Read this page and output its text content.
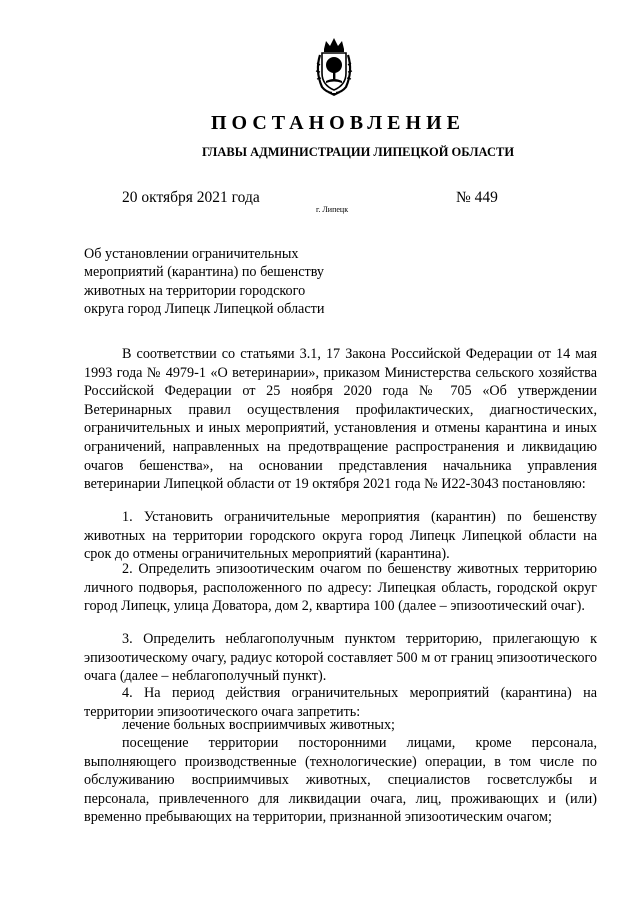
ПОСТАНОВЛЕНИЕ
ГЛАВЫ АДМИНИСТРАЦИИ ЛИПЕЦКОЙ ОБЛАСТИ
20 октября 2021 года
г. Липецк
№ 449
Об установлении ограничительных
мероприятий (карантина) по бешенству
животных на территории городского
округа город Липецк Липецкой области

В соответствии со статьями 3.1, 17 Закона Российской Федерации от 14 мая 1993 года № 4979-1 «О ветеринарии», приказом Министерства сельского хозяйства Российской Федерации от 25 ноября 2020 года № 705 «Об утверждении Ветеринарных правил осуществления профилактических, диагностических, ограничительных и иных мероприятий, установления и отмены карантина и иных ограничений, направленных на предотвращение распространения и ликвидацию очагов бешенства», на основании представления начальника управления ветеринарии Липецкой области от 19 октября 2021 года № И22-3043 постановляю:

1. Установить ограничительные мероприятия (карантин) по бешенству животных на территории городского округа город Липецк Липецкой области на срок до отмены ограничительных мероприятий (карантина).

2. Определить эпизоотическим очагом по бешенству животных территорию личного подворья, расположенного по адресу: Липецкая область, городской округ город Липецк, улица Доватора, дом 2, квартира 100 (далее – эпизоотический очаг).

3. Определить неблагополучным пунктом территорию, прилегающую к эпизоотическому очагу, радиус которой составляет 500 м от границ эпизоотического очага (далее – неблагополучный пункт).

4. На период действия ограничительных мероприятий (карантина) на территории эпизоотического очага запретить:

лечение больных восприимчивых животных;

посещение территории посторонними лицами, кроме персонала, выполняющего производственные (технологические) операции, в том числе по обслуживанию восприимчивых животных, специалистов госветслужбы и персонала, привлеченного для ликвидации очага, лиц, проживающих и (или) временно пребывающих на территории, признанной эпизоотическим очагом;
